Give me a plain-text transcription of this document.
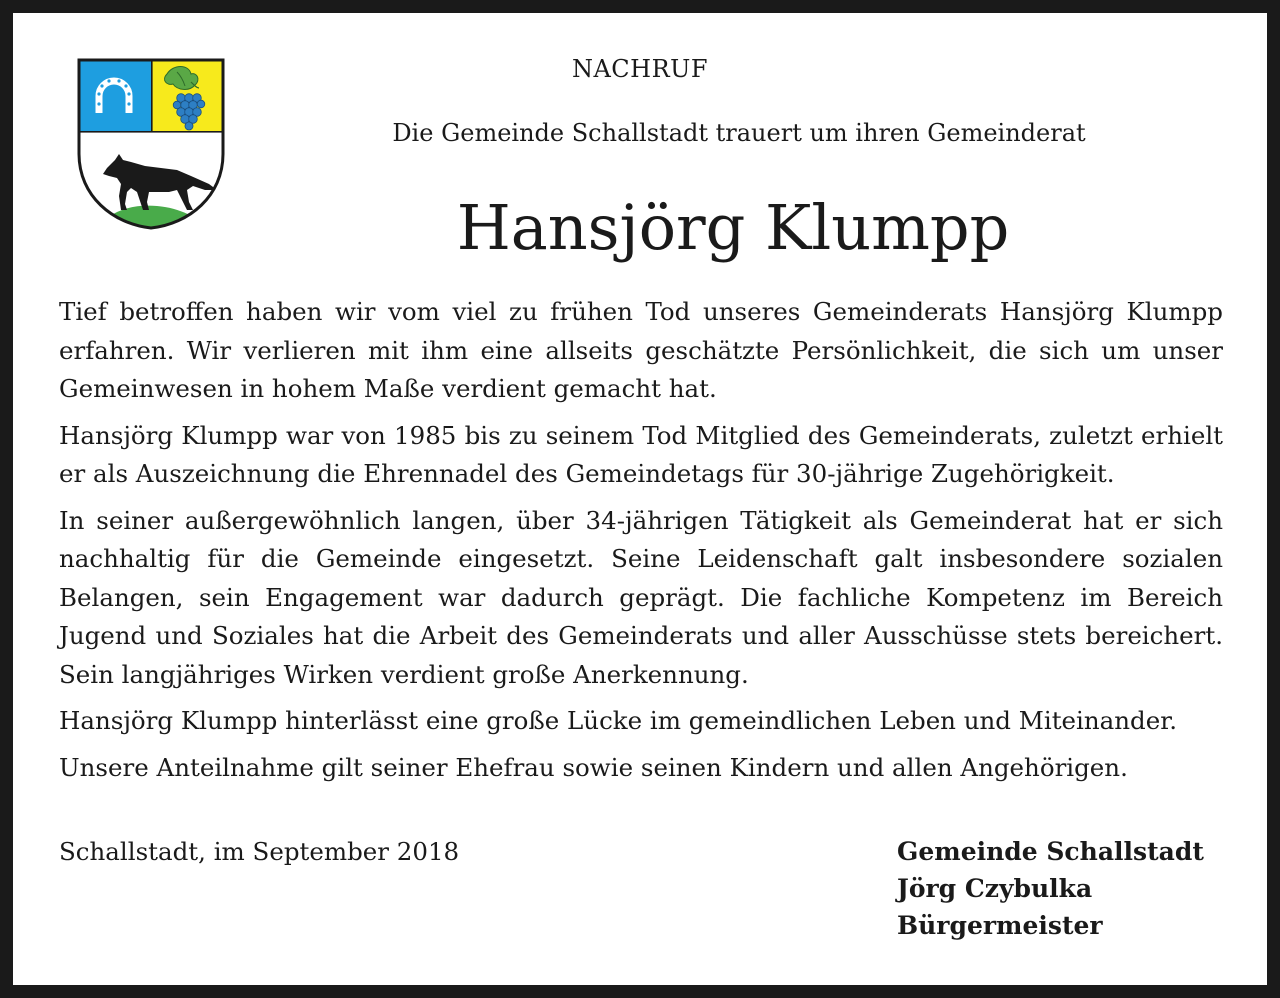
NACHRUF

Die Gemeinde Schallstadt trauert um ihren Gemeinderat

Hansjörg Klumpp

Tief betroffen haben wir vom viel zu frühen Tod unseres Gemeinderats Hansjörg Klumpp erfahren. Wir verlieren mit ihm eine allseits geschätzte Persönlichkeit, die sich um unser Gemeinwesen in hohem Maße verdient gemacht hat.

Hansjörg Klumpp war von 1985 bis zu seinem Tod Mitglied des Gemeinderats, zuletzt erhielt er als Auszeichnung die Ehrennadel des Gemeindetags für 30-jährige Zugehörigkeit.

In seiner außergewöhnlich langen, über 34-jährigen Tätigkeit als Gemeinderat hat er sich nachhaltig für die Gemeinde eingesetzt. Seine Leidenschaft galt insbesondere sozialen Belangen, sein Engagement war dadurch geprägt. Die fachliche Kompetenz im Bereich Jugend und Soziales hat die Arbeit des Gemeinderats und aller Ausschüsse stets bereichert. Sein langjähriges Wirken verdient große Anerkennung.

Hansjörg Klumpp hinterlässt eine große Lücke im gemeindlichen Leben und Miteinander.

Unsere Anteilnahme gilt seiner Ehefrau sowie seinen Kindern und allen Angehörigen.

Schallstadt, im September 2018	Gemeinde Schallstadt
Jörg Czybulka
Bürgermeister
